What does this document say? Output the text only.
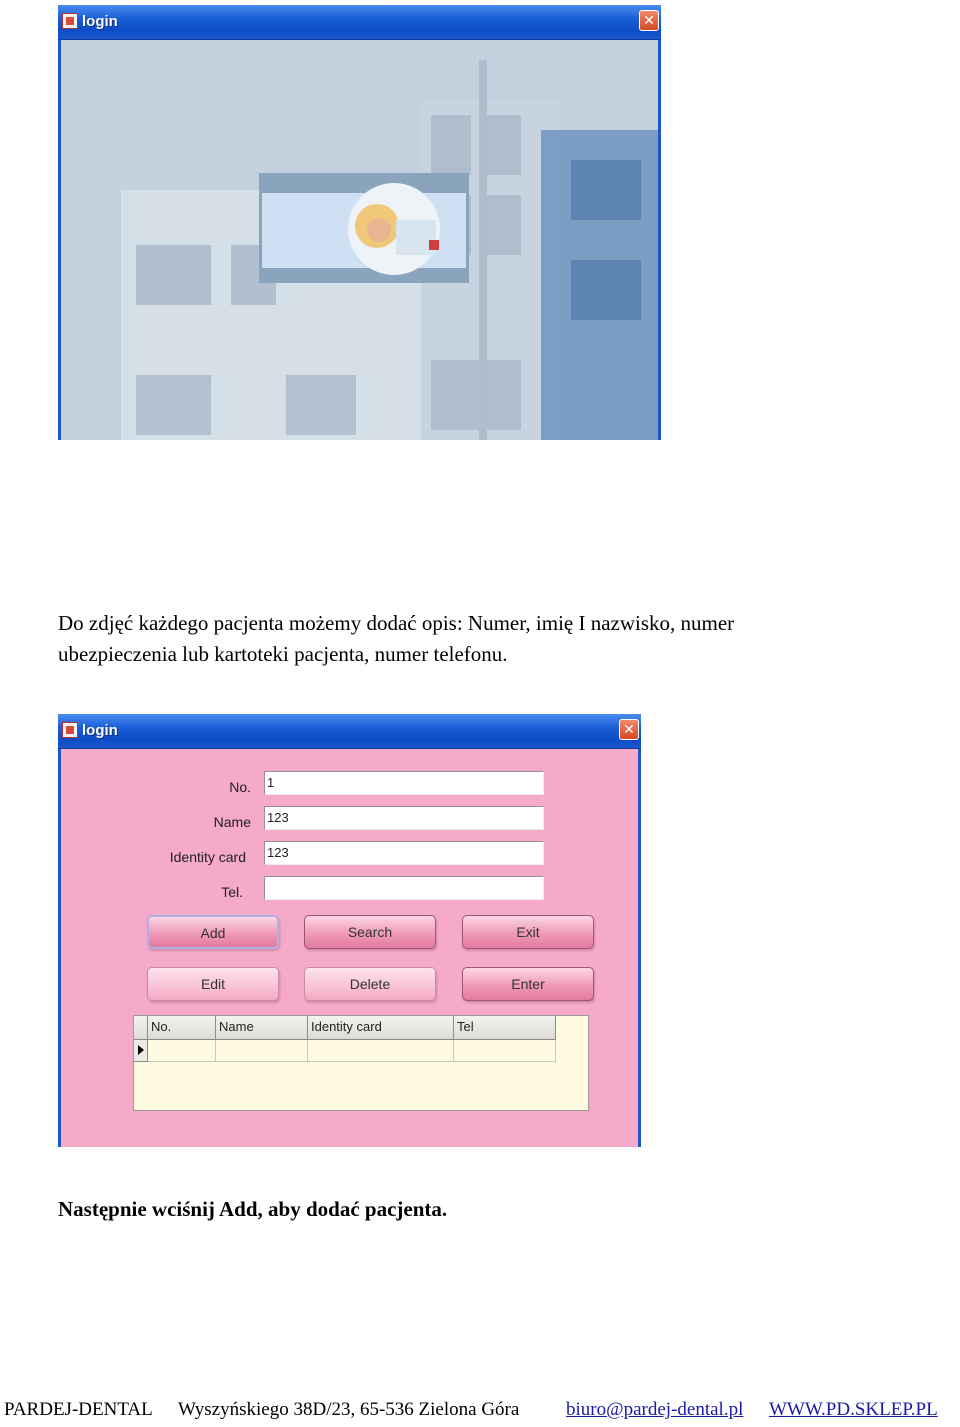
login	✕
Do zdjęć każdego pacjenta możemy dodać opis: Numer, imię I nazwisko, numer
ubezpieczenia lub kartoteki pacjenta, numer telefonu.
login	✕
No. 1
Name 123
Identity card 123
Tel.
Add	Search	Exit
Edit	Delete	Enter
No.	Name	Identity card	Tel
Następnie wciśnij Add, aby dodać pacjenta.
PARDEJ-DENTAL Wyszyńskiego 38D/23, 65-536 Zielona Góra biuro@pardej-dental.pl WWW.PD.SKLEP.PL
